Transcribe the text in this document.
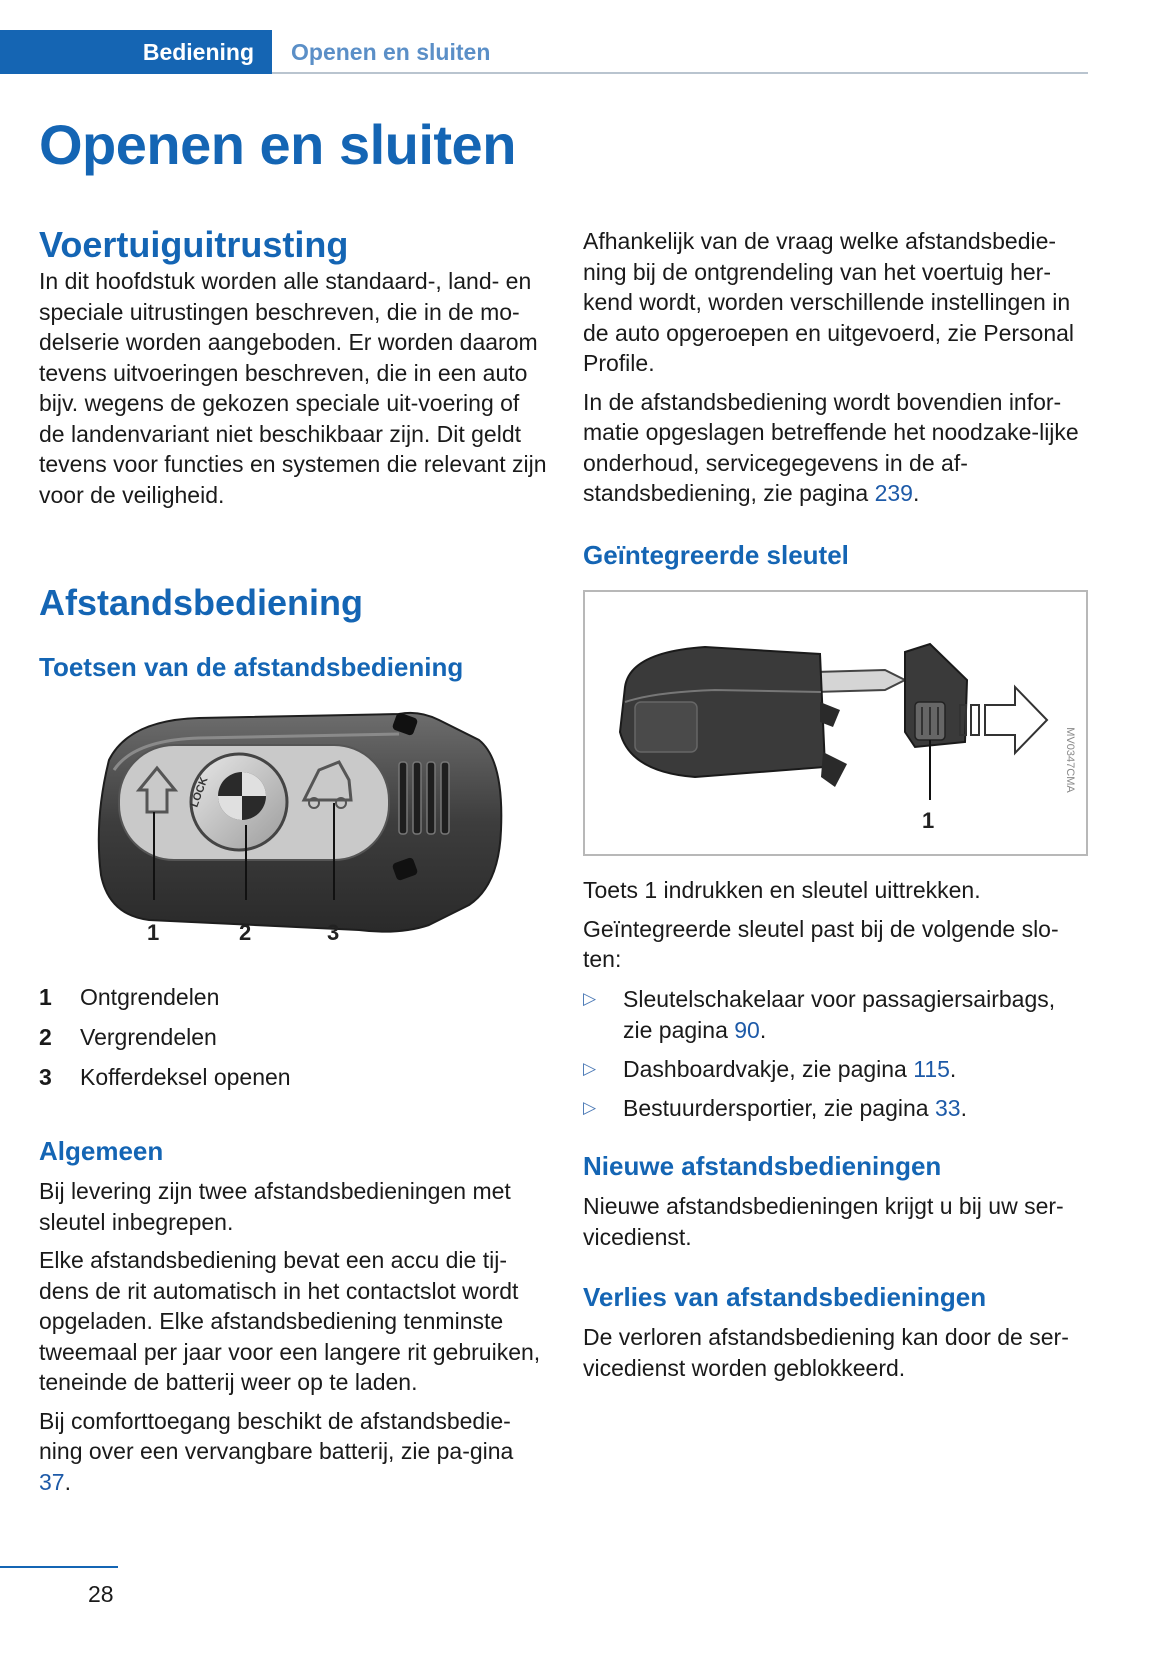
Bediening	Openen en sluiten
Openen en sluiten
Voertuiguitrusting

In dit hoofdstuk worden alle standaard-, land- en speciale uitrustingen beschreven, die in de mo-delserie worden aangeboden. Er worden daarom tevens uitvoeringen beschreven, die in een auto bijv. wegens de gekozen speciale uit-voering of de landenvariant niet beschikbaar zijn. Dit geldt tevens voor functies en systemen die relevant zijn voor de veiligheid.

Afstandsbediening
Toetsen van de afstandsbediening
LOCK
1	2	3
1 Ontgrendelen
2 Vergrendelen
3 Kofferdeksel openen
Algemeen

Bij levering zijn twee afstandsbedieningen met sleutel inbegrepen.

Elke afstandsbediening bevat een accu die tij-dens de rit automatisch in het contactslot wordt opgeladen. Elke afstandsbediening tenminste tweemaal per jaar voor een langere rit gebruiken, teneinde de batterij weer op te laden.

Bij comforttoegang beschikt de afstandsbedie-ning over een vervangbare batterij, zie pa-gina 37.

Afhankelijk van de vraag welke afstandsbedie-ning bij de ontgrendeling van het voertuig her-kend wordt, worden verschillende instellingen in de auto opgeroepen en uitgevoerd, zie Personal Profile.

In de afstandsbediening wordt bovendien infor-matie opgeslagen betreffende het noodzake-lijke onderhoud, servicegegevens in de af-standsbediening, zie pagina 239.

Geïntegreerde sleutel
1
MV0347CMA

Toets 1 indrukken en sleutel uittrekken.

Geïntegreerde sleutel past bij de volgende slo-ten:

▷ Sleutelschakelaar voor passagiersairbags, zie pagina 90.
▷ Dashboardvakje, zie pagina 115.
▷ Bestuurdersportier, zie pagina 33.
Nieuwe afstandsbedieningen

Nieuwe afstandsbedieningen krijgt u bij uw ser-vicedienst.

Verlies van afstandsbedieningen

De verloren afstandsbediening kan door de ser-vicedienst worden geblokkeerd.

28
